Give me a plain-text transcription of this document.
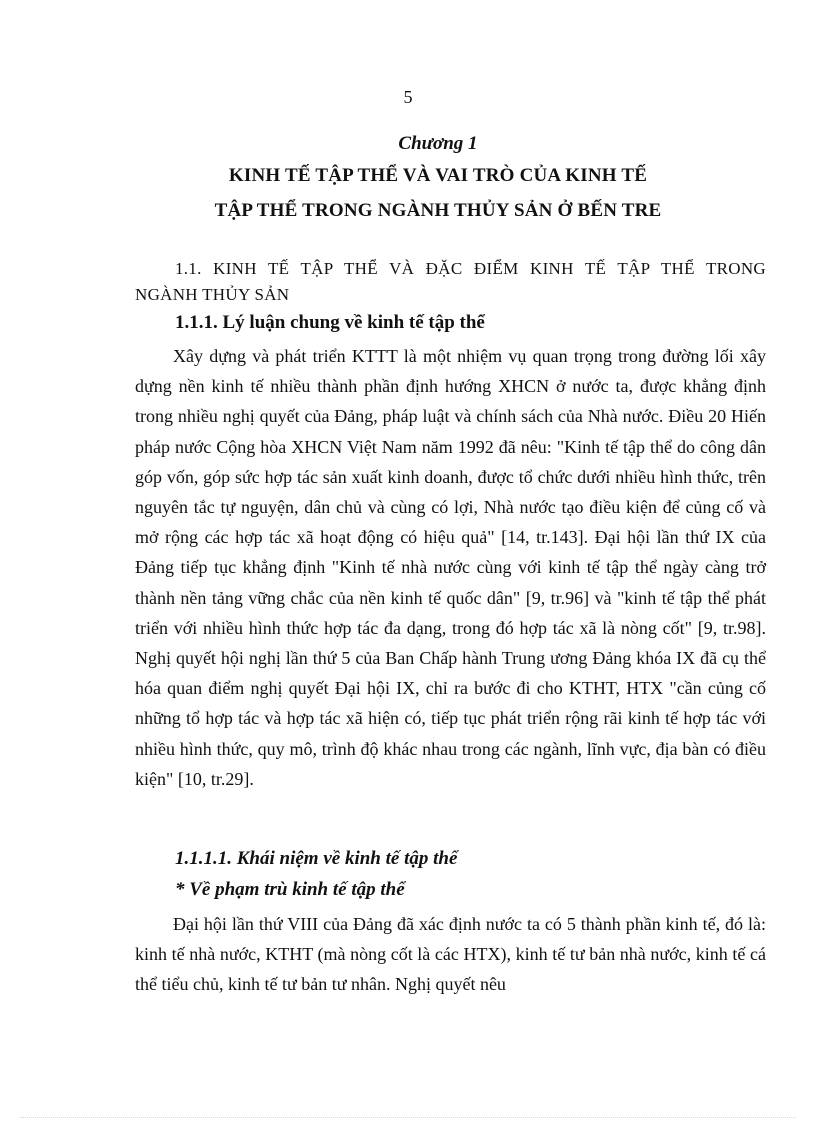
5
Chương 1
KINH TẾ TẬP THỂ VÀ VAI TRÒ CỦA KINH TẾ
TẬP THỂ TRONG NGÀNH THỦY SẢN Ở BẾN TRE
1.1. KINH TẾ TẬP THỂ VÀ ĐẶC ĐIỂM KINH TẾ TẬP THỂ TRONG
NGÀNH THỦY SẢN
1.1.1. Lý luận chung về kinh tế tập thể
Xây dựng và phát triển KTTT là một nhiệm vụ quan trọng trong đường lối xây dựng nền kinh tế nhiều thành phần định hướng XHCN ở nước ta, được khẳng định trong nhiều nghị quyết của Đảng, pháp luật và chính sách của Nhà nước. Điều 20 Hiến pháp nước Cộng hòa XHCN Việt Nam năm 1992 đã nêu: "Kinh tế tập thể do công dân góp vốn, góp sức hợp tác sản xuất kinh doanh, được tổ chức dưới nhiều hình thức, trên nguyên tắc tự nguyện, dân chủ và cùng có lợi, Nhà nước tạo điều kiện để củng cố và mở rộng các hợp tác xã hoạt động có hiệu quả" [14, tr.143]. Đại hội lần thứ IX của Đảng tiếp tục khẳng định "Kinh tế nhà nước cùng với kinh tế tập thể ngày càng trở thành nền tảng vững chắc của nền kinh tế quốc dân" [9, tr.96] và "kinh tế tập thể phát triển với nhiều hình thức hợp tác đa dạng, trong đó hợp tác xã là nòng cốt" [9, tr.98]. Nghị quyết hội nghị lần thứ 5 của Ban Chấp hành Trung ương Đảng khóa IX đã cụ thể hóa quan điểm nghị quyết Đại hội IX, chỉ ra bước đi cho KTHT, HTX "cần củng cố những tổ hợp tác và hợp tác xã hiện có, tiếp tục phát triển rộng rãi kinh tế hợp tác với nhiều hình thức, quy mô, trình độ khác nhau trong các ngành, lĩnh vực, địa bàn có điều kiện" [10, tr.29].
1.1.1.1. Khái niệm về kinh tế tập thể
* Về phạm trù kinh tế tập thể
Đại hội lần thứ VIII của Đảng đã xác định nước ta có 5 thành phần kinh tế, đó là: kinh tế nhà nước, KTHT (mà nòng cốt là các HTX), kinh tế tư bản nhà nước, kinh tế cá thể tiểu chủ, kinh tế tư bản tư nhân. Nghị quyết nêu
